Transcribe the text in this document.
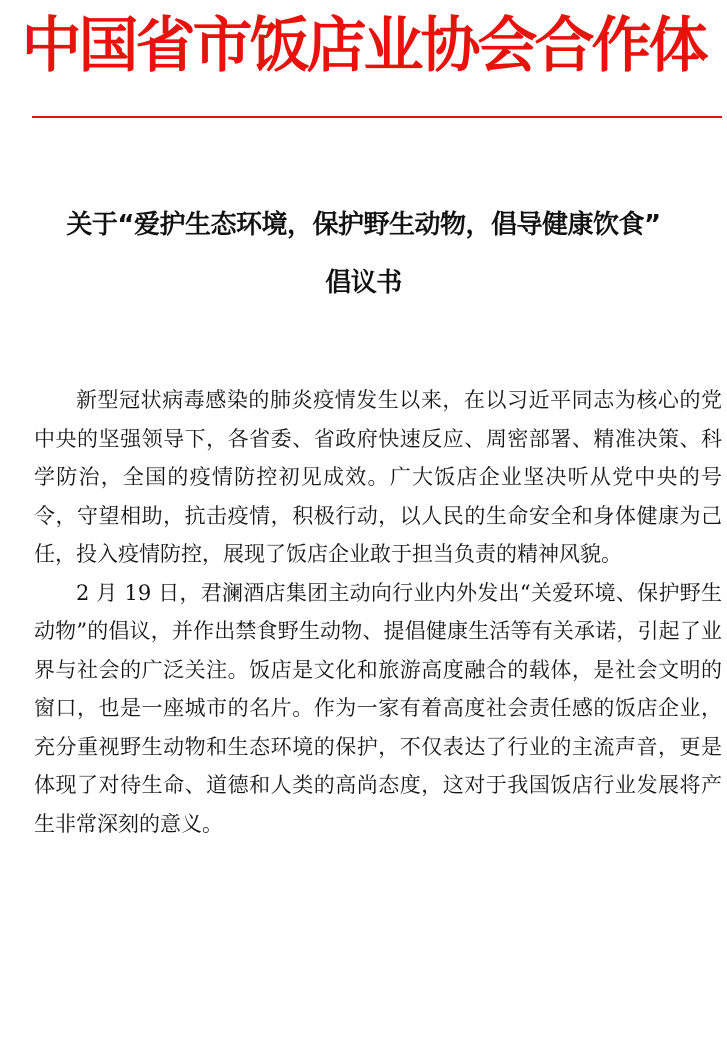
中国省市饭店业协会合作体
关于“爱护生态环境，保护野生动物，倡导健康饮食”
倡议书

新型冠状病毒感染的肺炎疫情发生以来，在以习近平同志为核心的党中央的坚强领导下，各省委、省政府快速反应、周密部署、精准决策、科学防治，全国的疫情防控初见成效。广大饭店企业坚决听从党中央的号令，守望相助，抗击疫情，积极行动，以人民的生命安全和身体健康为己任，投入疫情防控，展现了饭店企业敢于担当负责的精神风貌。

2 月 19 日，君澜酒店集团主动向行业内外发出“关爱环境、保护野生动物”的倡议，并作出禁食野生动物、提倡健康生活等有关承诺，引起了业界与社会的广泛关注。饭店是文化和旅游高度融合的载体，是社会文明的窗口，也是一座城市的名片。作为一家有着高度社会责任感的饭店企业，充分重视野生动物和生态环境的保护，不仅表达了行业的主流声音，更是体现了对待生命、道德和人类的高尚态度，这对于我国饭店行业发展将产生非常深刻的意义。
